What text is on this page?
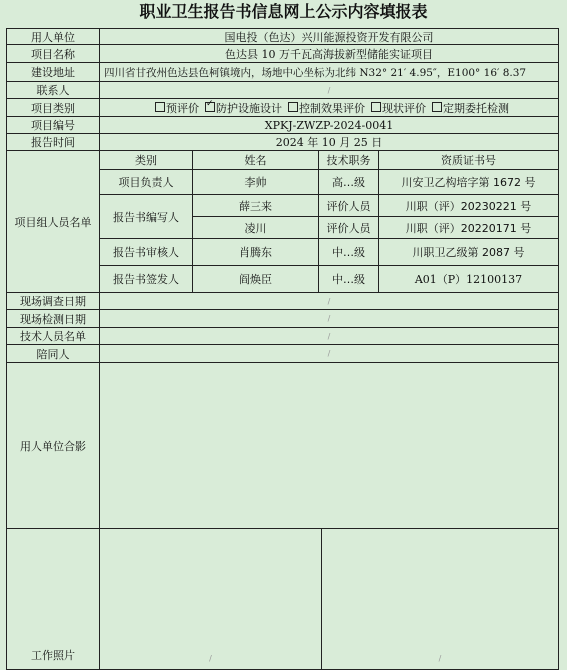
职业卫生报告书信息网上公示内容填报表
用人单位	国电投（色达）兴川能源投资开发有限公司
项目名称	色达县 10 万千瓦高海拔新型储能实证项目
建设地址	四川省甘孜州色达县色柯镇境内，场地中心坐标为北纬 N32° 21′ 4.95″，E100° 16′ 8.37
联系人	/
项目类别	预评价
✓ 防护设施设计 控制效果评价 现状评价 定期委托检测
项目编号	XPKJ-ZWZP-2024-0041
报告时间	2024 年 10 月 25 日
项目组人员名单
类别	姓名	技术职务	资质证书号
项目负责人	李帅	高…级	川安卫乙构培字第 1672 号
报告书编写人
薛三来	评价人员	川职（评）20230221 号
凌川	评价人员	川职（评）20220171 号
报告书审核人	肖腾东	中…级	川职卫乙级第 2087 号
报告书签发人	阎焕臣	中…级	A01（P）12100137
现场调查日期	/
现场检测日期	/
技术人员名单	/
陪同人	/
用人单位合影
工作照片	/	/
